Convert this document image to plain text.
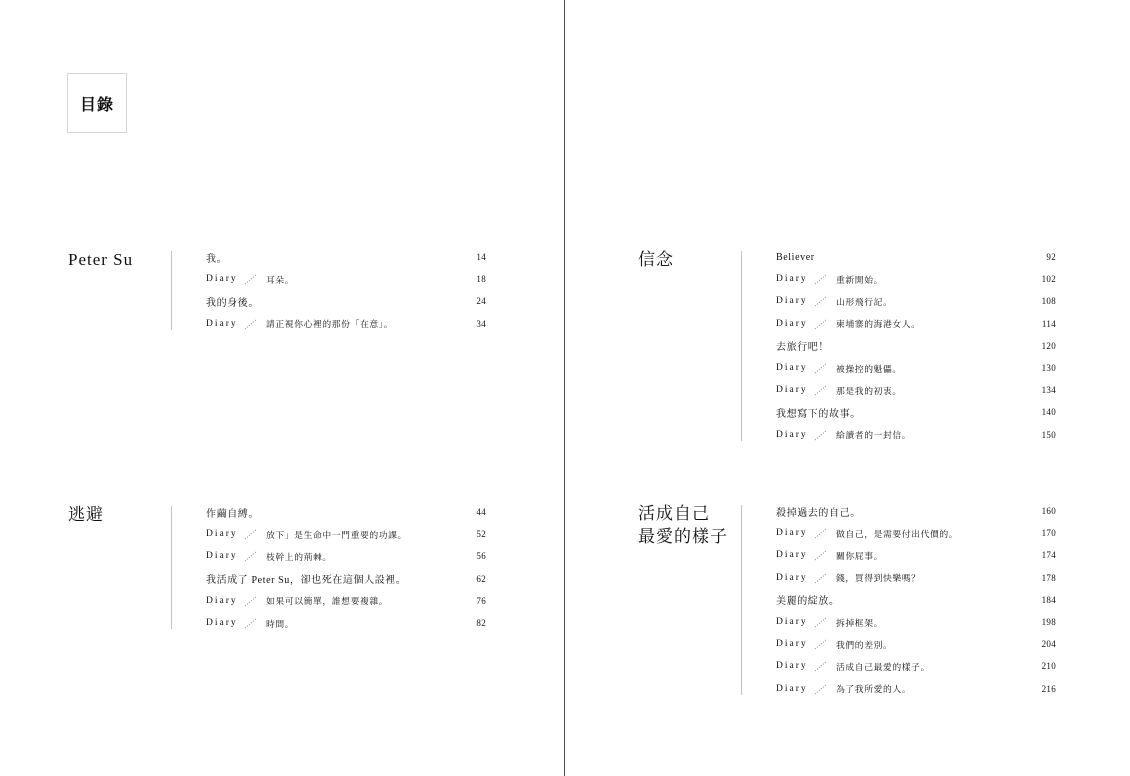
目錄
Peter Su	我。	14
Diary	耳朵。	18
我的身後。	24
Diary	請正視你心裡的那份「在意」。	34
逃避	作繭自縛。	44
Diary	放下」是生命中一門重要的功課。	52
Diary	枝幹上的荊棘。	56
我活成了 Peter Su，卻也死在這個人設裡。	62
Diary	如果可以簡單，誰想要複雜。	76
Diary	時間。	82
信念	Believer	92
Diary	重新開始。	102
Diary	山形飛行記。	108
Diary	柬埔寨的海港女人。	114
去旅行吧！	120
Diary	被操控的魁儡。	130
Diary	那是我的初衷。	134
我想寫下的故事。	140
Diary	給讀者的一封信。	150
活成自己
最愛的樣子
殺掉過去的自己。	160
Diary	做自己，是需要付出代價的。	170
Diary	關你屁事。	174
Diary	錢，買得到快樂嗎？	178
美麗的綻放。	184
Diary	拆掉框架。	198
Diary	我們的差別。	204
Diary	活成自己最愛的樣子。	210
Diary	為了我所愛的人。	216
